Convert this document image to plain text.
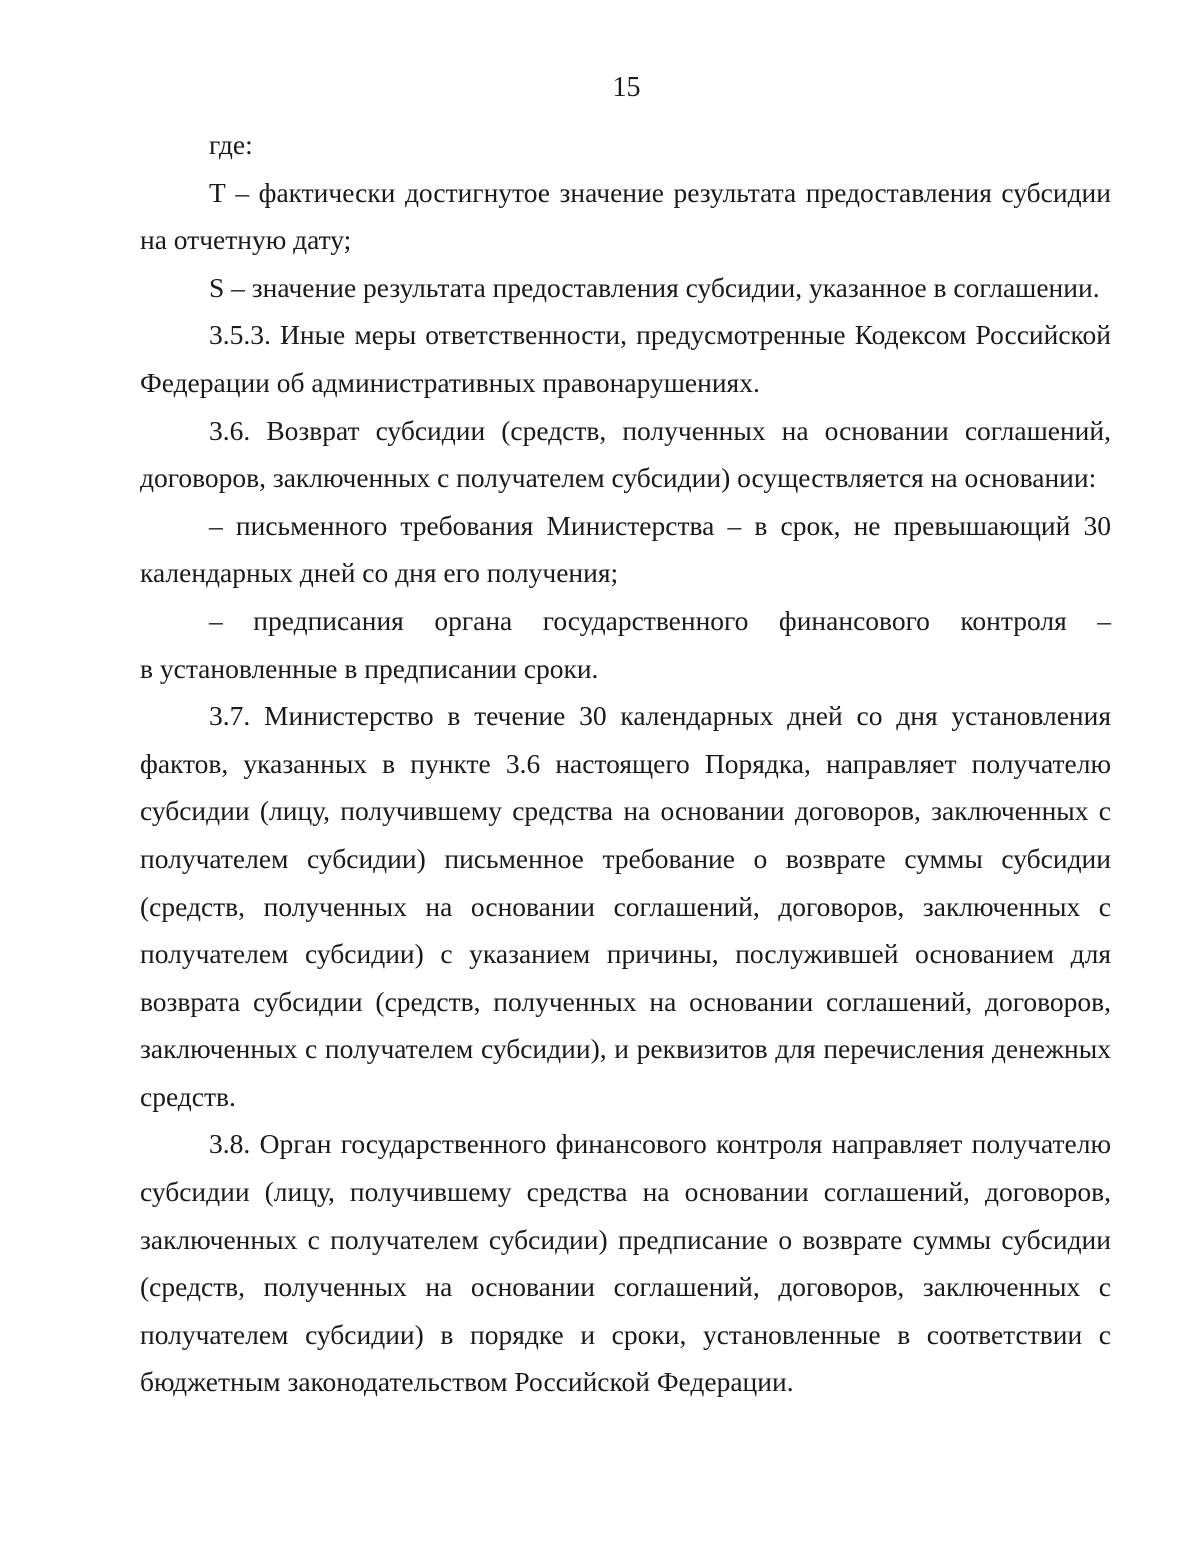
15

где:

Т – фактически достигнутое значение результата предоставления субсидии на отчетную дату;

S – значение результата предоставления субсидии, указанное в соглашении.

3.5.3. Иные меры ответственности, предусмотренные Кодексом Российской Федерации об административных правонарушениях.

3.6. Возврат субсидии (средств, полученных на основании соглашений, договоров, заключенных с получателем субсидии) осуществляется на основании:

– письменного требования Министерства – в срок, не превышающий 30 календарных дней со дня его получения;

– предписания органа государственного финансового контроля –

в установленные в предписании сроки.

3.7. Министерство в течение 30 календарных дней со дня установления фактов, указанных в пункте 3.6 настоящего Порядка, направляет получателю субсидии (лицу, получившему средства на основании договоров, заключенных с получателем субсидии) письменное требование о возврате суммы субсидии (средств, полученных на основании соглашений, договоров, заключенных с получателем субсидии) с указанием причины, послужившей основанием для возврата субсидии (средств, полученных на основании соглашений, договоров, заключенных с получателем субсидии), и реквизитов для перечисления денежных средств.

3.8. Орган государственного финансового контроля направляет получателю субсидии (лицу, получившему средства на основании соглашений, договоров, заключенных с получателем субсидии) предписание о возврате суммы субсидии (средств, полученных на основании соглашений, договоров, заключенных с получателем субсидии) в порядке и сроки, установленные в соответствии с бюджетным законодательством Российской Федерации.
